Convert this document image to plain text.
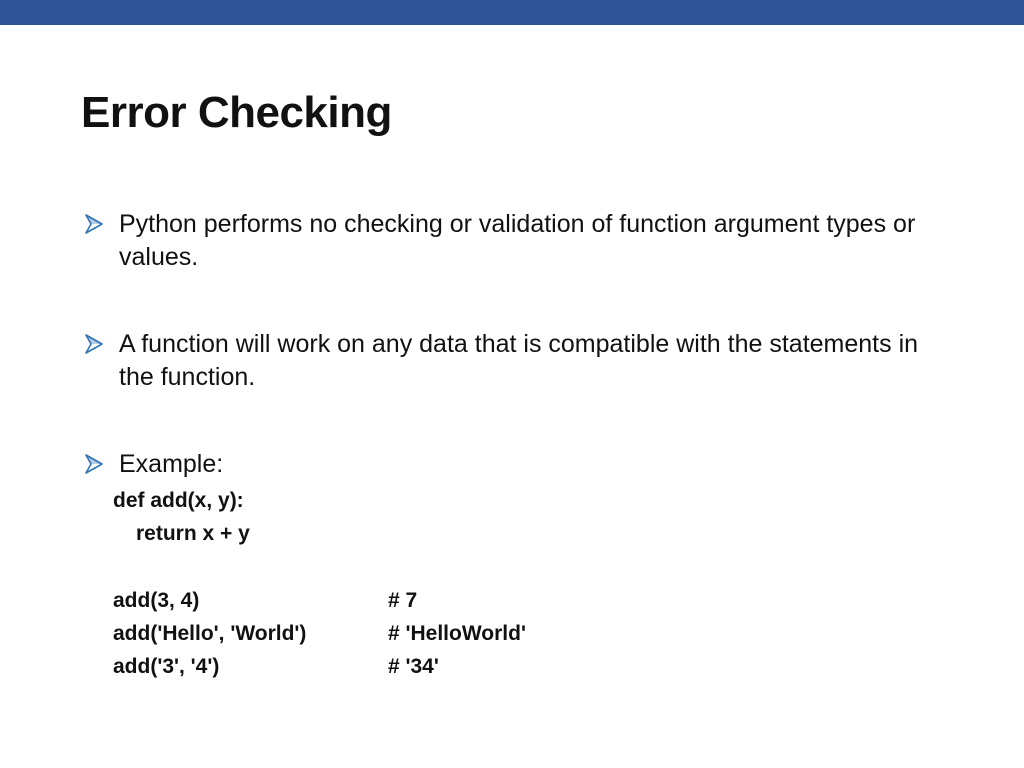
Error Checking
Python performs no checking or validation of function argument types or values.
A function will work on any data that is compatible with the statements in the function.
Example:
def add(x, y):
return x + y
add(3, 4)	# 7
add('Hello', 'World')	# 'HelloWorld'
add('3', '4')	# '34'
